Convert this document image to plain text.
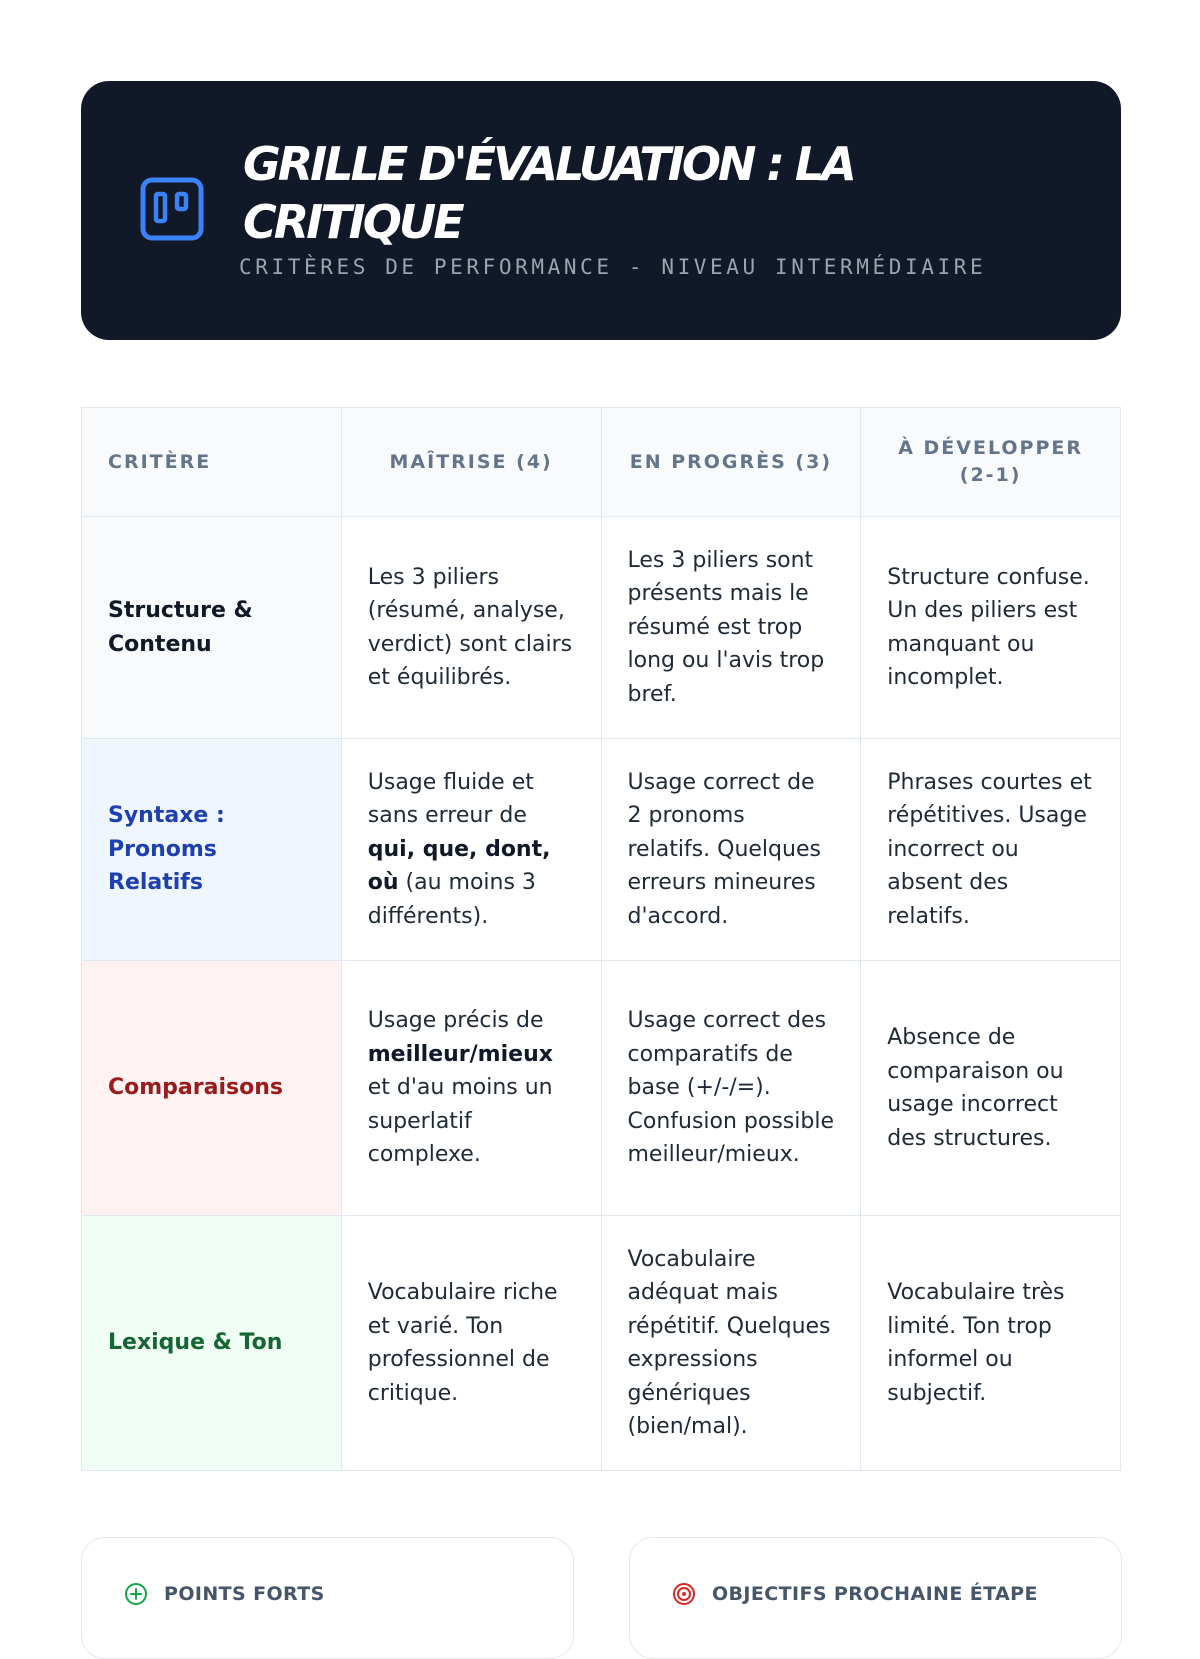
GRILLE D'ÉVALUATION : LA CRITIQUE
CRITÈRES DE PERFORMANCE - NIVEAU INTERMÉDIAIRE
CRITÈRE	MAÎTRISE (4)	EN PROGRÈS (3)	À DÉVELOPPER (2-1)
Structure & Contenu	Les 3 piliers (résumé, analyse, verdict) sont clairs et équilibrés.	Les 3 piliers sont présents mais le résumé est trop long ou l'avis trop bref.	Structure confuse. Un des piliers est manquant ou incomplet.
Syntaxe : Pronoms Relatifs	Usage fluide et sans erreur de qui, que, dont, où (au moins 3 différents).	Usage correct de 2 pronoms relatifs. Quelques erreurs mineures d'accord.	Phrases courtes et répétitives. Usage incorrect ou absent des relatifs.
Comparaisons	Usage précis de meilleur/mieux et d'au moins un superlatif complexe.	Usage correct des comparatifs de base (+/-/=). Confusion possible meilleur/mieux.	Absence de comparaison ou usage incorrect des structures.
Lexique & Ton	Vocabulaire riche et varié. Ton professionnel de critique.	Vocabulaire adéquat mais répétitif. Quelques expressions génériques (bien/mal).	Vocabulaire très limité. Ton trop informel ou subjectif.
POINTS FORTS	OBJECTIFS PROCHAINE ÉTAPE
